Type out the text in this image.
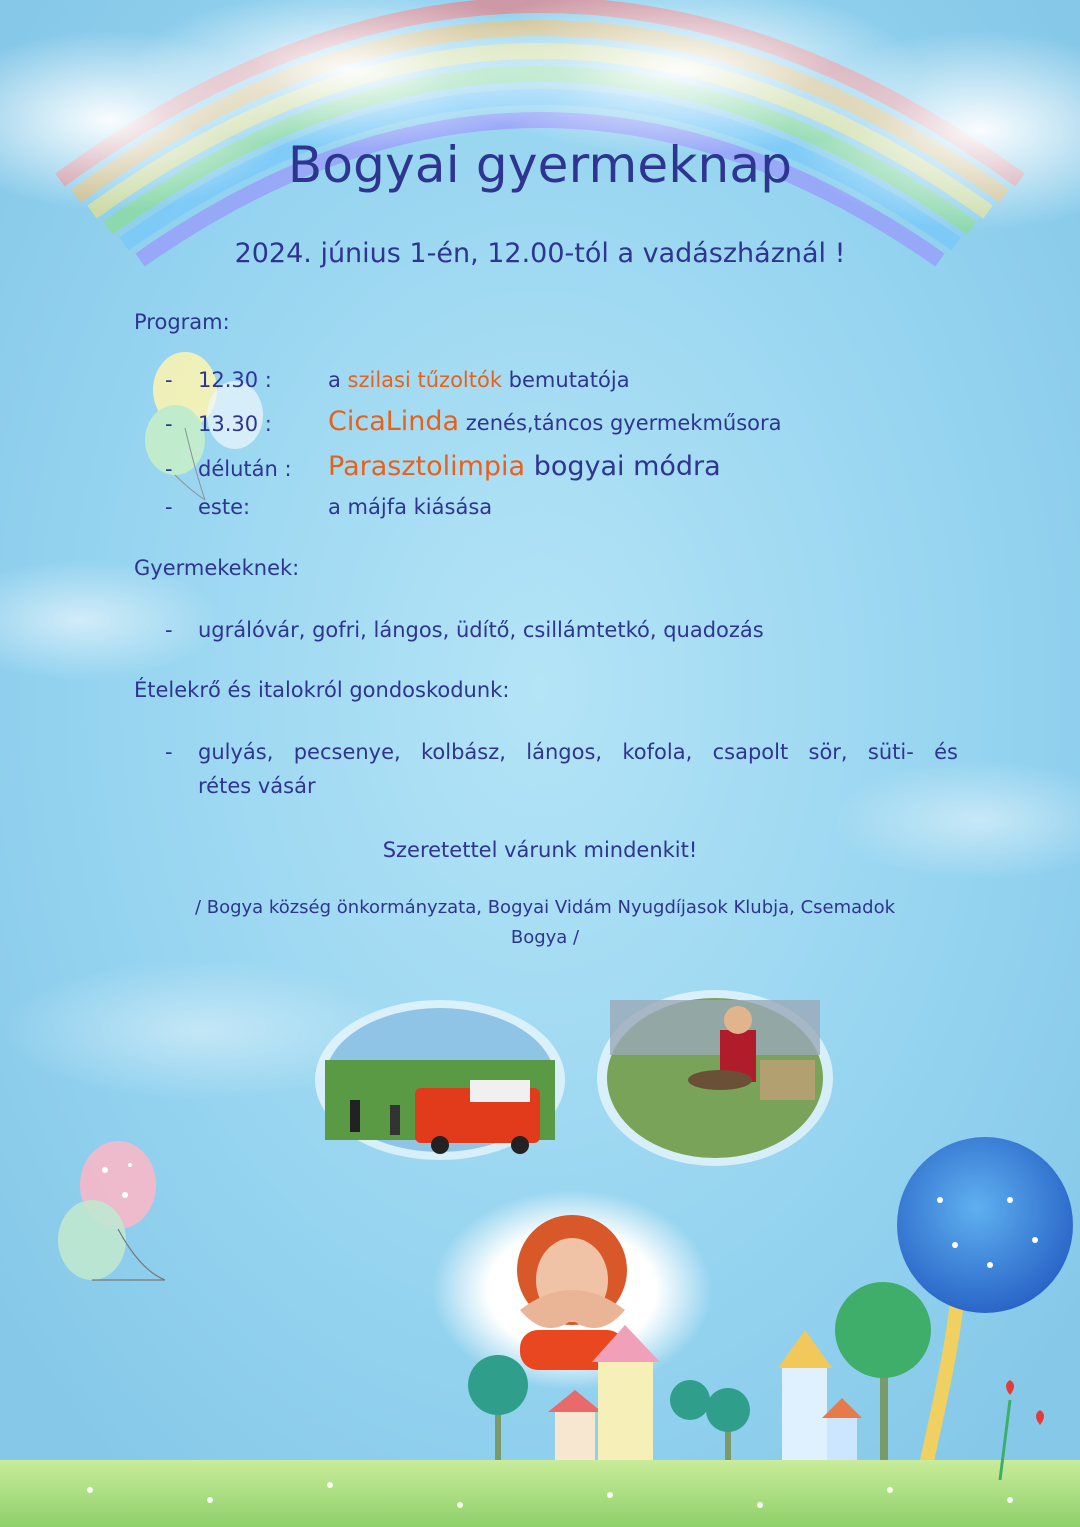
Bogyai gyermeknap
2024. június 1-én, 12.00-tól a vadászháznál !
Program:
- 12.30 :	a szilasi tűzoltók bemutatója
- 13.30 : CicaLinda zenés,táncos gyermekműsora
- délután : Parasztolimpia bogyai módra
- este:	a májfa kiásása
Gyermekeknek:
- ugrálóvár, gofri, lángos, üdítő, csillámtetkó, quadozás
Ételekrő és italokról gondoskodunk:
- gulyás, pecsenye, kolbász, lángos, kofola, csapolt sör, süti- és
rétes vásár
Szeretettel várunk mindenkit!
/ Bogya község önkormányzata, Bogyai Vidám Nyugdíjasok Klubja, Csemadok
Bogya /
